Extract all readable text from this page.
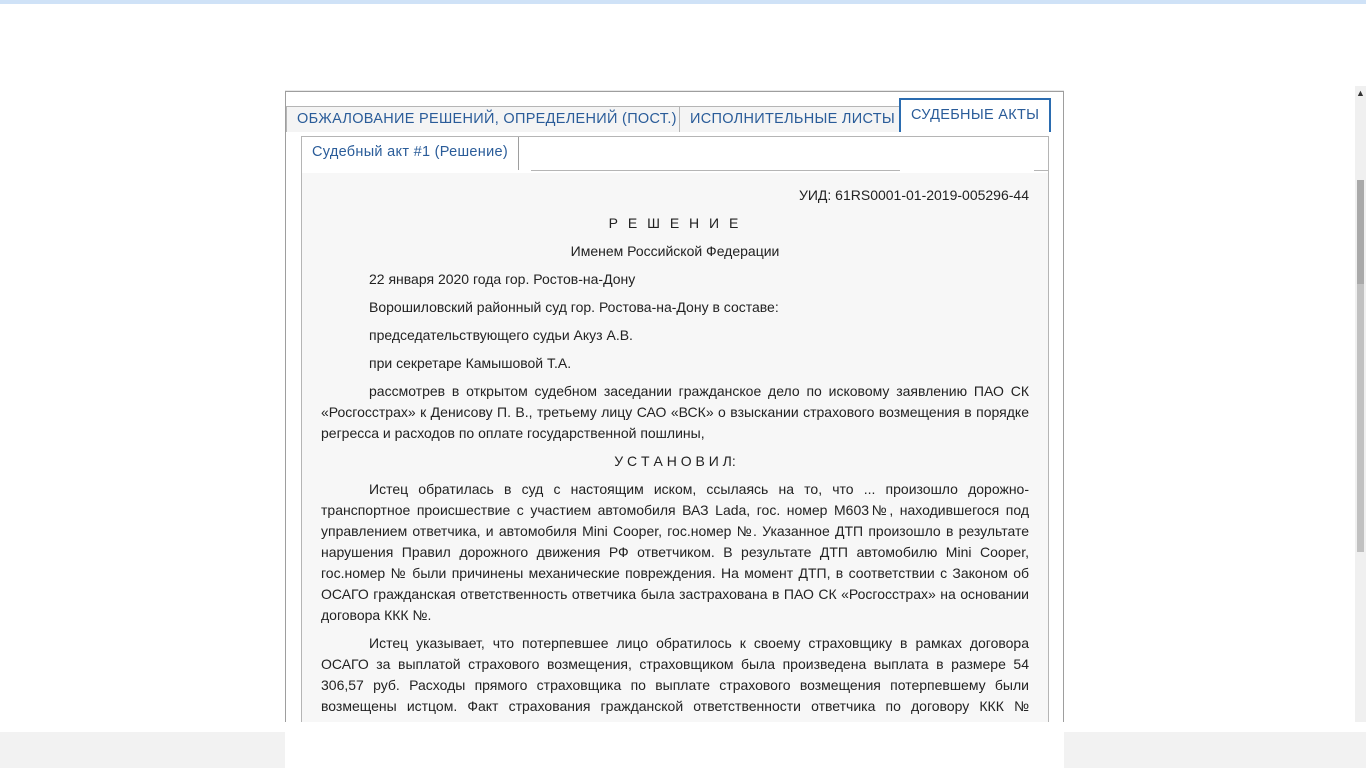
ОБЖАЛОВАНИЕ РЕШЕНИЙ, ОПРЕДЕЛЕНИЙ (ПОСТ.) ИСПОЛНИТЕЛЬНЫЕ ЛИСТЫ	СУДЕБНЫЕ АКТЫ
Судебный акт #1 (Решение)

УИД: 61RS0001-01-2019-005296-44

Р Е Ш Е Н И Е

Именем Российской Федерации

22 января 2020 года гор. Ростов-на-Дону

Ворошиловский районный суд гор. Ростова-на-Дону в составе:

председательствующего судьи Акуз А.В.

при секретаре Камышовой Т.А.

рассмотрев в открытом судебном заседании гражданское дело по исковому заявлению ПАО СК «Росгосстрах» к Денисову П. В., третьему лицу САО «ВСК» о взыскании страхового возмещения в порядке регресса и расходов по оплате государственной пошлины,

У С Т А Н О В И Л:

Истец обратилась в суд с настоящим иском, ссылаясь на то, что ... произошло дорожно-транспортное происшествие с участием автомобиля ВАЗ Lada, гос. номер М603№, находившегося под управлением ответчика, и автомобиля Mini Cooper, гос.номер №. Указанное ДТП произошло в результате нарушения Правил дорожного движения РФ ответчиком. В результате ДТП автомобилю Mini Cooper, гос.номер № были причинены механические повреждения. На момент ДТП, в соответствии с Законом об ОСАГО гражданская ответственность ответчика была застрахована в ПАО СК «Росгосстрах» на основании договора ККК №.

Истец указывает, что потерпевшее лицо обратилось к своему страховщику в рамках договора ОСАГО за выплатой страхового возмещения, страховщиком была произведена выплата в размере 54 306,57 руб. Расходы прямого страховщика по выплате страхового возмещения потерпевшему были возмещены истцом. Факт страхования гражданской ответственности ответчика по договору ККК №

▲
